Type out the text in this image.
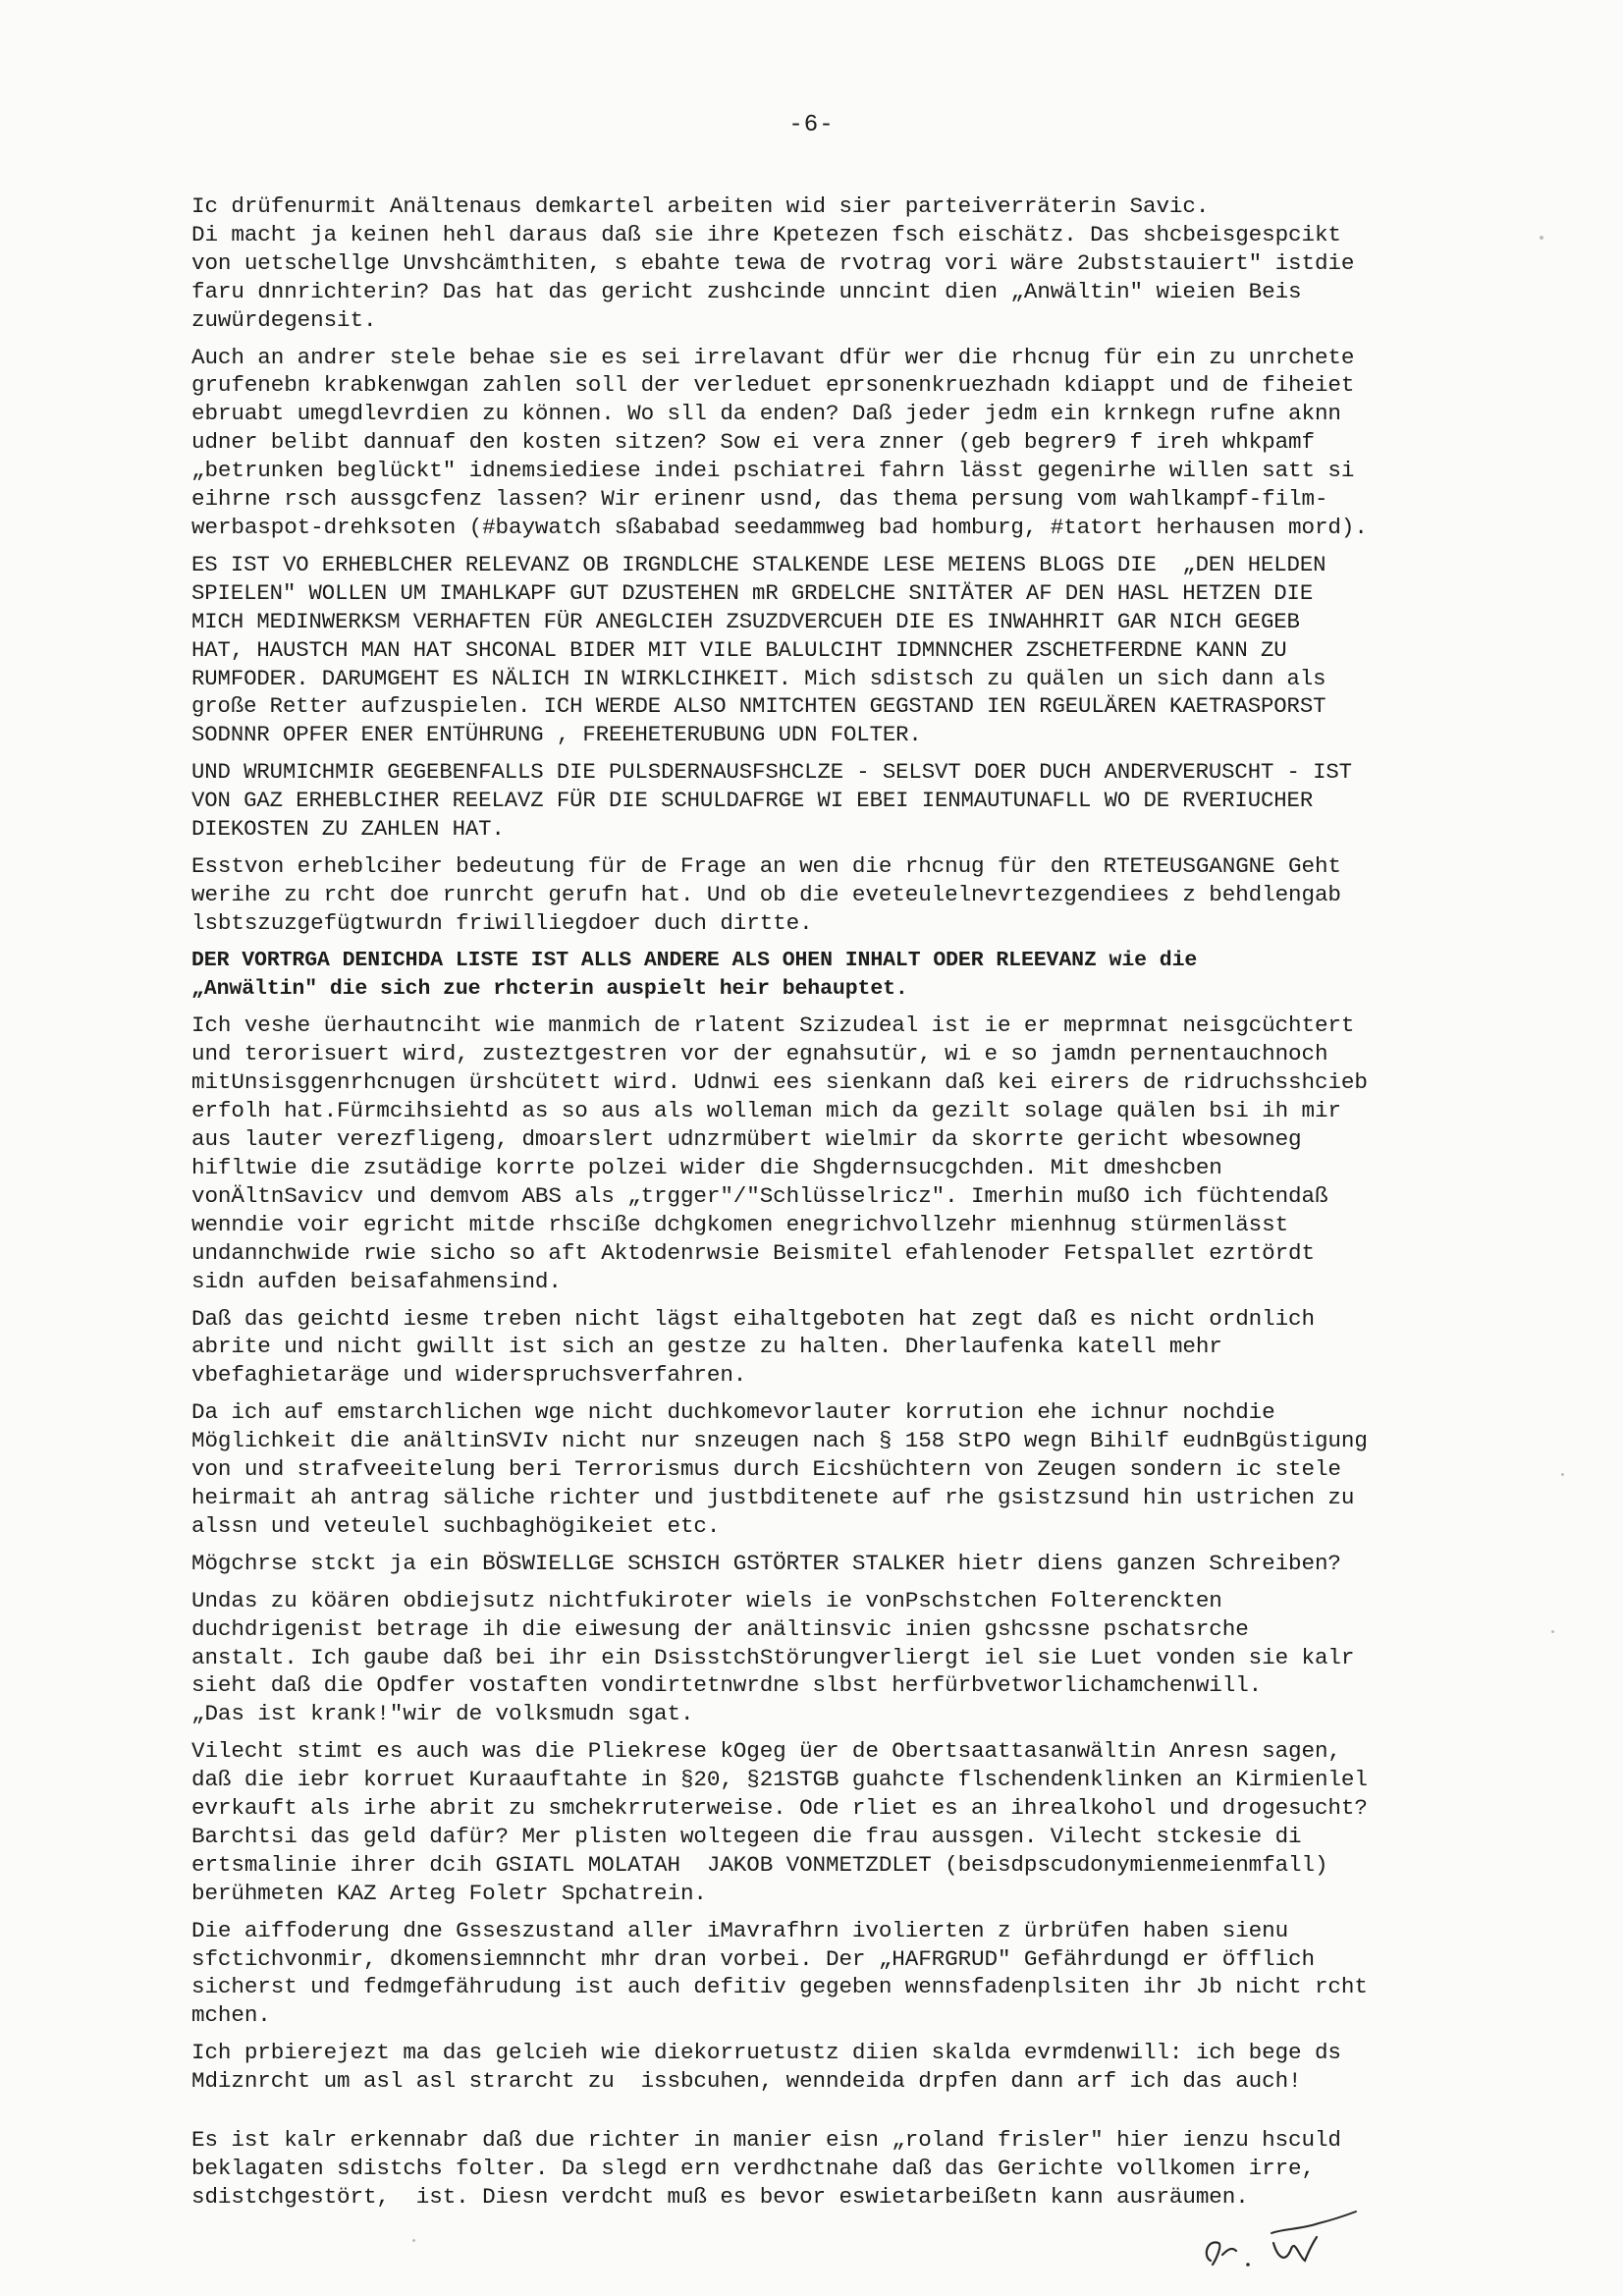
-6-

Ic drüfenurmit Anältenaus demkartel arbeiten wid sier parteiverräterin Savic.
Di macht ja keinen hehl daraus daß sie ihre Kpetezen fsch eischätz. Das shcbeisgespcikt
von uetschellge Unvshcämthiten, s ebahte tewa de rvotrag vori wäre 2ubststauiert" istdie
faru dnnrichterin? Das hat das gericht zushcinde unncint dien „Anwältin" wieien Beis
zuwürdegensit.

Auch an andrer stele behae sie es sei irrelavant dfür wer die rhcnug für ein zu unrchete
grufenebn krabkenwgan zahlen soll der verleduet eprsonenkruezhadn kdiappt und de fiheiet
ebruabt umegdlevrdien zu können. Wo sll da enden? Daß jeder jedm ein krnkegn rufne aknn
udner belibt dannuaf den kosten sitzen? Sow ei vera znner (geb begrer9 f ireh whkpamf
„betrunken beglückt" idnemsiediese indei pschiatrei fahrn lässt gegenirhe willen satt si
eihrne rsch aussgcfenz lassen? Wir erinenr usnd, das thema persung vom wahlkampf-film-
werbaspot-drehksoten (#baywatch sßababad seedammweg bad homburg, #tatort herhausen mord).

ES IST VO ERHEBLCHER RELEVANZ OB IRGNDLCHE STALKENDE LESE MEIENS BLOGS DIE  „DEN HELDEN
SPIELEN" WOLLEN UM IMAHLKAPF GUT DZUSTEHEN mR GRDELCHE SNITÄTER AF DEN HASL HETZEN DIE
MICH MEDINWERKSM VERHAFTEN FÜR ANEGLCIEH ZSUZDVERCUEH DIE ES INWAHHRIT GAR NICH GEGEB
HAT, HAUSTCH MAN HAT SHCONAL BIDER MIT VILE BALULCIHT IDMNNCHER ZSCHETFERDNE KANN ZU
RUMFODER. DARUMGEHT ES NÄLICH IN WIRKLCIHKEIT. Mich sdistsch zu quälen un sich dann als
große Retter aufzuspielen. ICH WERDE ALSO NMITCHTEN GEGSTAND IEN RGEULÄREN KAETRASPORST
SODNNR OPFER ENER ENTÜHRUNG , FREEHETERUBUNG UDN FOLTER.

UND WRUMICHMIR GEGEBENFALLS DIE PULSDERNAUSFSHCLZE - SELSVT DOER DUCH ANDERVERUSCHT - IST
VON GAZ ERHEBLCIHER REELAVZ FÜR DIE SCHULDAFRGE WI EBEI IENMAUTUNAFLL WO DE RVERIUCHER
DIEKOSTEN ZU ZAHLEN HAT.

Esstvon erheblciher bedeutung für de Frage an wen die rhcnug für den RTETEUSGANGNE Geht
werihe zu rcht doe runrcht gerufn hat. Und ob die eveteulelnevrtezgendiees z behdlengab
lsbtszuzgefügtwurdn friwilliegdoer duch dirtte.

DER VORTRGA DENICHDA LISTE IST ALLS ANDERE ALS OHEN INHALT ODER RLEEVANZ wie die
„Anwältin" die sich zue rhcterin auspielt heir behauptet.

Ich veshe üerhautnciht wie manmich de rlatent Szizudeal ist ie er meprmnat neisgcüchtert
und terorisuert wird, zusteztgestren vor der egnahsutür, wi e so jamdn pernentauchnoch
mitUnsisggenrhcnugen ürshcütett wird. Udnwi ees sienkann daß kei eirers de ridruchsshcieb
erfolh hat.Fürmcihsiehtd as so aus als wolleman mich da gezilt solage quälen bsi ih mir
aus lauter verezfligeng, dmoarslert udnzrmübert wielmir da skorrte gericht wbesowneg
hifltwie die zsutädige korrte polzei wider die Shgdernsucgchden. Mit dmeshcben
vonÄltnSavicv und demvom ABS als „trgger"/"Schlüsselricz". Imerhin mußO ich füchtendaß
wenndie voir egricht mitde rhsciße dchgkomen enegrichvollzehr mienhnug stürmenlässt
undannchwide rwie sicho so aft Aktodenrwsie Beismitel efahlenoder Fetspallet ezrtördt
sidn aufden beisafahmensind.

Daß das geichtd iesme treben nicht lägst eihaltgeboten hat zegt daß es nicht ordnlich
abrite und nicht gwillt ist sich an gestze zu halten. Dherlaufenka katell mehr
vbefaghietaräge und widerspruchsverfahren.

Da ich auf emstarchlichen wge nicht duchkomevorlauter korrution ehe ichnur nochdie
Möglichkeit die anältinSVIv nicht nur snzeugen nach § 158 StPO wegn Bihilf eudnBgüstigung
von und strafveeitelung beri Terrorismus durch Eicshüchtern von Zeugen sondern ic stele
heirmait ah antrag säliche richter und justbditenete auf rhe gsistzsund hin ustrichen zu
alssn und veteulel suchbaghögikeiet etc.

Mögchrse stckt ja ein BÖSWIELLGE SCHSICH GSTÖRTER STALKER hietr diens ganzen Schreiben?

Undas zu köären obdiejsutz nichtfukiroter wiels ie vonPschstchen Folterenckten
duchdrigenist betrage ih die eiwesung der anältinsvic inien gshcssne pschatsrche
anstalt. Ich gaube daß bei ihr ein DsisstchStörungverliergt iel sie Luet vonden sie kalr
sieht daß die Opdfer vostaften vondirtetnwrdne slbst herfürbvetworlichamchenwill.
„Das ist krank!"wir de volksmudn sgat.

Vilecht stimt es auch was die Pliekrese kOgeg üer de Obertsaattasanwältin Anresn sagen,
daß die iebr korruet Kuraauftahte in §20, §21STGB guahcte flschendenklinken an Kirmienlel
evrkauft als irhe abrit zu smchekrruterweise. Ode rliet es an ihrealkohol und drogesucht?
Barchtsi das geld dafür? Mer plisten woltegeen die frau aussgen. Vilecht stckesie di
ertsmalinie ihrer dcih GSIATL MOLATAH  JAKOB VONMETZDLET (beisdpscudonymienmeienmfall)
berühmeten KAZ Arteg Foletr Spchatrein.

Die aiffoderung dne Gsseszustand aller iMavrafhrn ivolierten z ürbrüfen haben sienu
sfctichvonmir, dkomensiemnncht mhr dran vorbei. Der „HAFRGRUD" Gefährdungd er öfflich
sicherst und fedmgefährudung ist auch defitiv gegeben wennsfadenplsiten ihr Jb nicht rcht
mchen.

Ich prbierejezt ma das gelcieh wie diekorruetustz diien skalda evrmdenwill: ich bege ds
Mdiznrcht um asl asl strarcht zu  issbcuhen, wenndeida drpfen dann arf ich das auch!

Es ist kalr erkennabr daß due richter in manier eisn „roland frisler" hier ienzu hsculd
beklagaten sdistchs folter. Da slegd ern verdhctnahe daß das Gerichte vollkomen irre,
sdistchgestört,  ist. Diesn verdcht muß es bevor eswietarbeißetn kann ausräumen.
